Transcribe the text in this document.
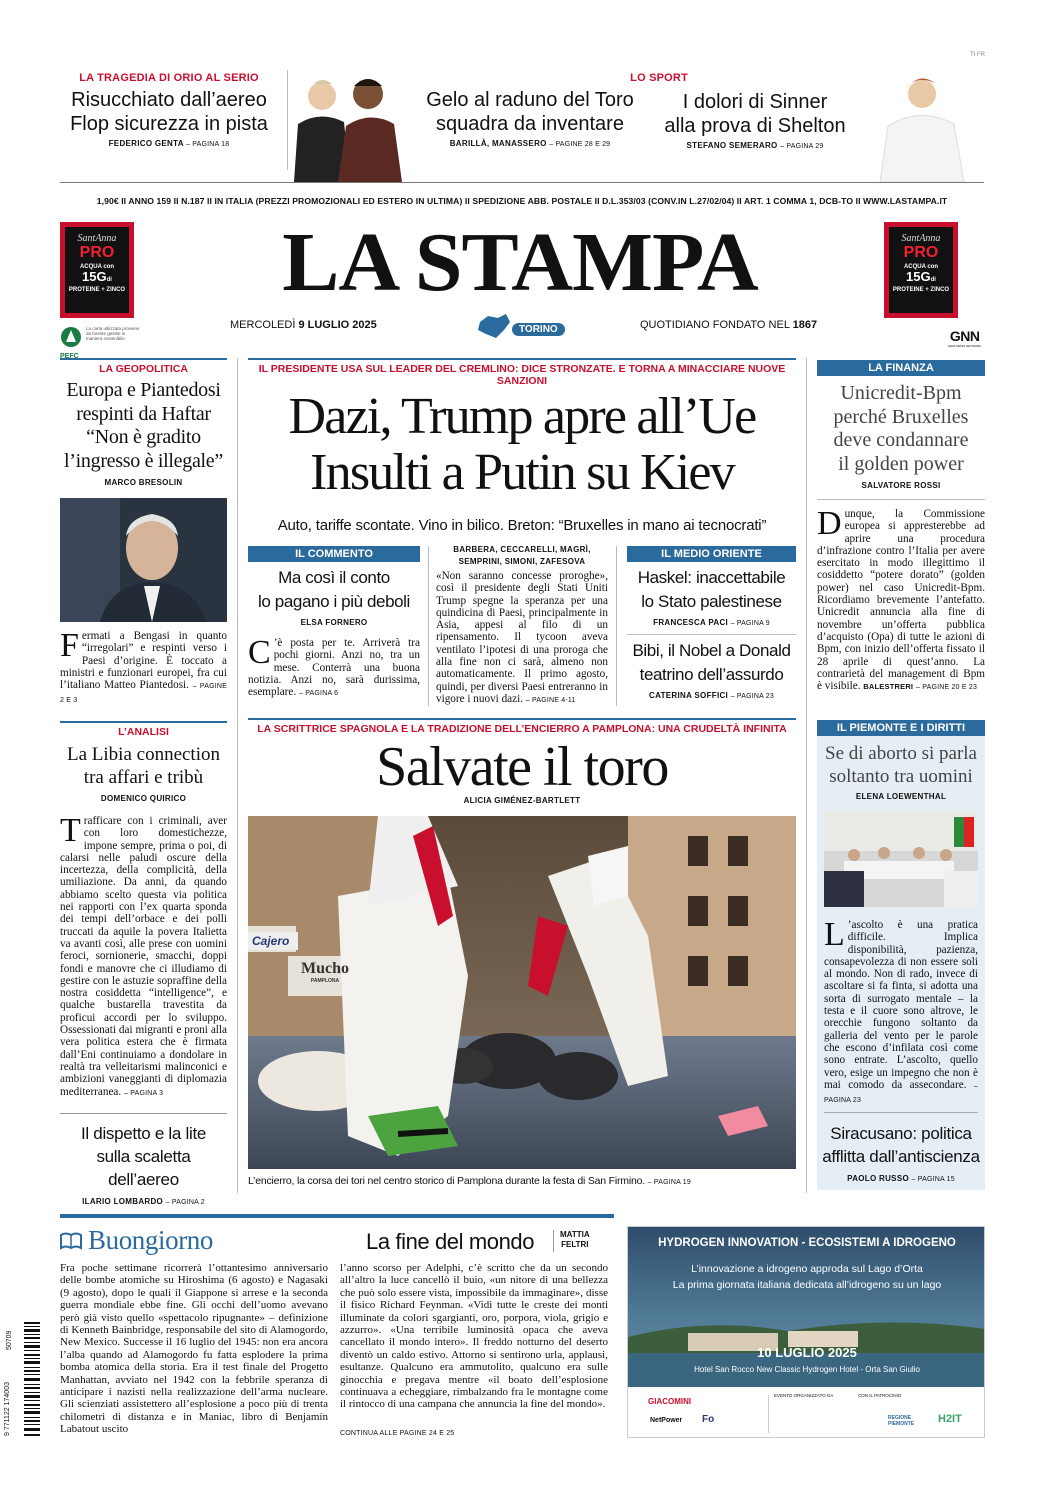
TI FR
LA TRAGEDIA DI ORIO AL SERIO
Risucchiato dall’aereo
Flop sicurezza in pista
FEDERICO GENTA – PAGINA 18
LO SPORT
Gelo al raduno del Toro
squadra da inventare
BARILLÀ, MANASSERO – PAGINE 28 E 29
I dolori di Sinner
alla prova di Shelton
STEFANO SEMERARO – PAGINA 29
1,90€ II ANNO 159 II N.187 II IN ITALIA (PREZZI PROMOZIONALI ED ESTERO IN ULTIMA) II SPEDIZIONE ABB. POSTALE II D.L.353/03 (CONV.IN L.27/02/04) II ART. 1 COMMA 1, DCB-TO II WWW.LASTAMPA.IT
SantAnna
PRO
ACQUA con
15Gdi
PROTEINE + ZINCO
SantAnna
PRO
ACQUA con
15Gdi
PROTEINE + ZINCO
LA STAMPA
MERCOLEDÌ 9 LUGLIO 2025	TORINO	QUOTIDIANO FONDATO NEL 1867
PEFC
La carta utilizzata proviene da foreste gestite in maniera sostenibile	GNN
GEDI NEWS NETWORK
LA GEOPOLITICA
Europa e Piantedosi
respinti da Haftar
“Non è gradito
l’ingresso è illegale”
MARCO BRESOLIN
Fermati a Bengasi in quanto “irregolari” e respinti verso i Paesi d’origine. È toccato a ministri e funzionari europei, fra cui l’italiano Matteo Piantedosi. – PAGINE 2 E 3
L’ANALISI
La Libia connection
tra affari e tribù
DOMENICO QUIRICO
Trafficare con i criminali, aver con loro domestichezze, impone sempre, prima o poi, di calarsi nelle paludi oscure della incertezza, della complicità, della umiliazione. Da anni, da quando abbiamo scelto questa via politica nei rapporti con l’ex quarta sponda dei tempi dell’orbace e dei polli truccati da aquile la povera Italietta va avanti così, alle prese con uomini feroci, sornionerie, smacchi, doppi fondi e manovre che ci illudiamo di gestire con le astuzie sopraffine della nostra cosiddetta “intelligence”, e qualche bustarella travestita da proficui accordi per lo sviluppo. Ossessionati dai migranti e proni alla vera politica estera che è firmata dall’Eni continuiamo a dondolare in realtà tra velleitarismi malinconici e ambizioni vaneggianti di diplomazia mediterranea. – PAGINA 3
Il dispetto e la lite
sulla scaletta dell’aereo
ILARIO LOMBARDO – PAGINA 2
IL PRESIDENTE USA SUL LEADER DEL CREMLINO: DICE STRONZATE. E TORNA A MINACCIARE NUOVE SANZIONI
Dazi, Trump apre all’Ue
Insulti a Putin su Kiev
Auto, tariffe scontate. Vino in bilico. Breton: “Bruxelles in mano ai tecnocrati”
IL COMMENTO
Ma così il conto
lo pagano i più deboli
ELSA FORNERO
C ’è posta per te. Arriverà tra pochi giorni. Anzi no, tra un mese. Conterrà una buona notizia. Anzi no, sarà durissima, esemplare. – PAGINA 6
BARBERA, CECCARELLI, MAGRÌ,
SEMPRINI, SIMONI, ZAFESOVA
«Non saranno concesse proroghe», così il presidente degli Stati Uniti Trump spegne la speranza per una quindicina di Paesi, principalmente in Asia, appesi al filo di un ripensamento. Il tycoon aveva ventilato l’ipotesi di una proroga che alla fine non ci sarà, almeno non automaticamente. Il primo agosto, quindi, per diversi Paesi entreranno in vigore i nuovi dazi. – PAGINE 4-11
IL MEDIO ORIENTE
Haskel: inaccettabile
lo Stato palestinese
FRANCESCA PACI – PAGINA 9
Bibi, il Nobel a Donald
teatrino dell’assurdo
CATERINA SOFFICI – PAGINA 23
LA SCRITTRICE SPAGNOLA E LA TRADIZIONE DELL’ENCIERRO A PAMPLONA: UNA CRUDELTÀ INFINITA
Salvate il toro
ALICIA GIMÉNEZ-BARTLETT
Cajero
Mucho
PAMPLONA
L’encierro, la corsa dei tori nel centro storico di Pamplona durante la festa di San Firmino. – PAGINA 19
LA FINANZA
Unicredit-Bpm
perché Bruxelles
deve condannare
il golden power
SALVATORE ROSSI
Dunque, la Commissione europea si appresterebbe ad aprire una procedura d’infrazione contro l’Italia per avere esercitato in modo illegittimo il cosiddetto “potere dorato” (golden power) nel caso Unicredit-Bpm. Ricordiamo brevemente l’antefatto. Unicredit annuncia alla fine di novembre un’offerta pubblica d’acquisto (Opa) di tutte le azioni di Bpm, con inizio dell’offerta fissato il 28 aprile di quest’anno. La contrarietà del management di Bpm è visibile. BALESTRERI – PAGINE 20 E 23
IL PIEMONTE E I DIRITTI
Se di aborto si parla
soltanto tra uomini
ELENA LOEWENTHAL
L ’ascolto è una pratica difficile. Implica disponibilità, pazienza, consapevolezza di non essere soli al mondo. Non di rado, invece di ascoltare si fa finta, si adotta una sorta di surrogato mentale – la testa e il cuore sono altrove, le orecchie fungono soltanto da galleria del vento per le parole che escono d’infilata così come sono entrate. L’ascolto, quello vero, esige un impegno che non è mai comodo da assecondare. – PAGINA 23
Siracusano: politica
afflitta dall’antiscienza
PAOLO RUSSO – PAGINA 15
Buongiorno	La fine del mondo	MATTIA
FELTRI
Fra poche settimane ricorrerà l’ottantesimo anniversario delle bombe atomiche su Hiroshima (6 agosto) e Nagasaki (9 agosto), dopo le quali il Giappone si arrese e la seconda guerra mondiale ebbe fine. Gli occhi dell’uomo avevano però già visto quello «spettacolo ripugnante» – definizione di Kenneth Bainbridge, responsabile del sito di Alamogordo, New Mexico. Successe il 16 luglio del 1945: non era ancora l’alba quando ad Alamogordo fu fatta esplodere la prima bomba atomica della storia. Era il test finale del Progetto Manhattan, avviato nel 1942 con la febbrile speranza di anticipare i nazisti nella realizzazione dell’arma nucleare. Gli scienziati assistettero all’esplosione a poco più di trenta chilometri di distanza e in Maniac, libro di Benjamín Labatout uscito
l’anno scorso per Adelphi, c’è scritto che da un secondo all’altro la luce cancellò il buio, «un nitore di una bellezza che può solo essere vista, impossibile da immaginare», disse il fisico Richard Feynman. «Vidi tutte le creste dei monti illuminate da colori sgargianti, oro, porpora, viola, grigio e azzurro». «Una terribile luminosità opaca che aveva cancellato il mondo intero». Il freddo notturno del deserto diventò un caldo estivo. Attorno si sentirono urla, applausi, esultanze. Qualcuno era ammutolito, qualcuno era sulle ginocchia e pregava mentre «il boato dell’esplosione continuava a echeggiare, rimbalzando fra le montagne come il rintocco di una campana che annuncia la fine del mondo».
CONTINUA ALLE PAGINE 24 E 25
9 771122 174003
50709
HYDROGEN INNOVATION - ECOSISTEMI A IDROGENO
L’innovazione a idrogeno approda sul Lago d’Orta
La prima giornata italiana dedicata all’idrogeno su un lago
10 LUGLIO 2025
Hotel San Rocco New Classic Hydrogen Hotel - Orta San Giulio
GIACOMINI
NetPower Fo
EVENTO ORGANIZZATO DA	CON IL PATROCINIO
REGIONE PIEMONTE	H2IT
